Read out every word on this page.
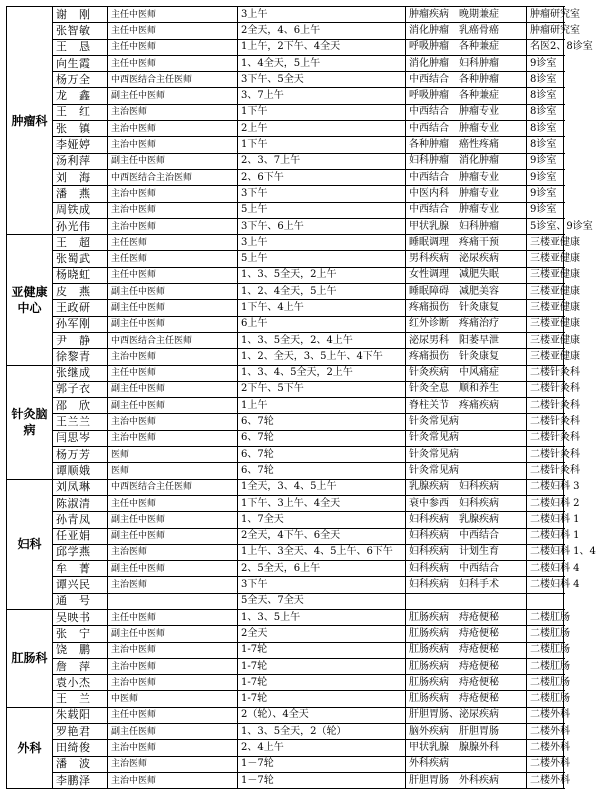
肿瘤科	谢　刚	主任中医师	3上午	肿瘤疾病　晚期兼症	肿瘤研究室
	张智敏	主任中医师	2全天，4、6上午	消化肿瘤　乳癌骨癌	肿瘤研究室
	王　恳	主任中医师	1上午，2下午、4全天	呼吸肿瘤　各种兼症	名医2、8诊室
	向生霞	主任中医师	1、4全天，5上午	消化肿瘤　妇科肿瘤	9诊室
	杨万全	中西医结合主任医师	3下午、5全天	中西结合　各种肿瘤	8诊室
	龙　鑫	副主任中医师	3、7上午	呼吸肿瘤　各种兼症	8诊室
	王　红	主治医师	1下午	中西结合　肿瘤专业	8诊室
	张　镇	主治中医师	2上午	中西结合　肿瘤专业	8诊室
	李娅婷	主治中医师	1下午	各种肿瘤　癌性疼痛	8诊室
	汤利萍	副主任中医师	2、3、7上午	妇科肿瘤　消化肿瘤	9诊室
	刘　海	中西医结合主治医师	2、6下午	中西结合　肿瘤专业	9诊室
	潘　燕	主治中医师	3下午	中医内科　肿瘤专业	9诊室
	周铁成	主治中医师	5上午	中西结合　肿瘤专业	9诊室
	孙光伟	主治中医师	3下午、6上午	甲状乳腺　妇科肿瘤	5诊室、9诊室
亚健康中心	王　超	主任医师	3上午	睡眠调理　疼痛干预	三楼亚健康
	张蜀武	主任医师	5上午	男科疾病　泌尿疾病	三楼亚健康
	杨晓虹	主任中医师	1、3、5全天，2上午	女性调理　减肥失眠	三楼亚健康
	皮　燕	副主任中医师	1、2、4全天，5上午	睡眠障碍　减肥美容	三楼亚健康
	王政研	副主任中医师	1下午、4上午	疼痛损伤　针灸康复	三楼亚健康
	孙军刚	副主任中医师	6上午	红外诊断　疼痛治疗	三楼亚健康
	尹　静	中西医结合主任医师	1、3、5全天，2、4上午	泌尿男科　阳萎早泄	三楼亚健康
	徐黎青	主治中医师	1、2、全天，3、5上午、4下午	疼痛损伤　针灸康复	三楼亚健康
针灸脑病	张继成	主任中医师	1、3、4、5全天，2上午	针灸疾病　中风痛症	二楼针灸科
	郭子衣	副主任中医师	2下午、5下午	针灸全息　顺和养生	二楼针灸科
	邵　欣	副主任中医师	1上午	脊柱关节　疼痛疾病	二楼针灸科
	王兰兰	主治中医师	6、7轮	针灸常见病	二楼针灸科
	闫思岑	主治中医师	6、7轮	针灸常见病	二楼针灸科
	杨万芳	医师	6、7轮	针灸常见病	二楼针灸科
	谭顺娥	医师	6、7轮	针灸常见病	二楼针灸科
妇科	刘凤琳	中西医结合主任医师	1全天，3、4、5上午	乳腺疾病　妇科疾病	二楼妇科 3
	陈淑清	主任中医师	1下午、3上午、4全天	衰中参西　妇科疾病	二楼妇科 2
	孙青凤	副主任中医师	1、7全天	妇科疾病　乳腺疾病	二楼妇科 1
	任亚娟	副主任中医师	2全天，4下午、6全天	妇科疾病　中西结合	二楼妇科 1
	邱学燕	主治医师	1上午、3全天、4、5上午、6下午	妇科疾病　计划生育	二楼妇科 1、4
	牟　菁	副主任中医师	2、5全天，6上午	妇科疾病　中西结合	二楼妇科 4
	谭兴民	主治医师	3下午	妇科疾病　妇科手术	二楼妇科 4
	通　号		5全天、7全天		
肛肠科	吴映书	主任中医师	1、3、5上午	肛肠疾病　痔疮便秘	二楼肛肠
	张　宁	副主任中医师	2全天	肛肠疾病　痔疮便秘	二楼肛肠
	饶　鹏	主治中医师	1-7轮	肛肠疾病　痔疮便秘	二楼肛肠
	詹　萍	主治中医师	1-7轮	肛肠疾病　痔疮便秘	二楼肛肠
	袁小杰	主治中医师	1-7轮	肛肠疾病　痔疮便秘	二楼肛肠
	王　兰	中医师	1-7轮	肛肠疾病　痔疮便秘	二楼肛肠
外科	朱载阳	主任中医师	2（轮）、4全天	肝胆胃肠、泌尿疾病	二楼外科
	罗艳君	副主任医师	1、3、5全天，2（轮）	脑外疾病　肝胆胃肠	二楼外科
	田绮俊	主治中医师	2、4上午	甲状乳腺　腺腺外科	二楼外科
	潘　波	主治医师	1－7轮	外科疾病	二楼外科
	李鹏泽	主治中医师	1－7轮	肝胆胃肠　外科疾病	二楼外科
